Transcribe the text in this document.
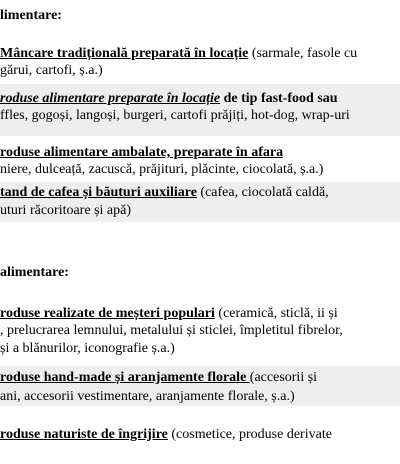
limentare:
Mâncare tradițională preparată în locație (sarmale, fasole cu
gărui, cartofi, ș.a.)
roduse alimentare preparate în locație de tip fast-food sau
ffles, gogoși, langoși, burgeri, cartofi prăjiți, hot-dog, wrap-uri
roduse alimentare ambalate, preparate în afara
niere, dulceață, zacuscă, prăjituri, plăcinte, ciocolată, ș.a.)
tand de cafea și băuturi auxiliare (cafea, ciocolată caldă,
uturi răcoritoare și apă)
alimentare:
roduse realizate de meșteri populari (ceramică, sticlă, ii și
, prelucrarea lemnului, metalului și sticlei, împletitul fibrelor,
și a blănurilor, iconografie ș.a.)
roduse hand-made și aranjamente florale (accesorii și
ani, accesorii vestimentare, aranjamente florale, ș.a.)
roduse naturiste de îngrijire (cosmetice, produse derivate
